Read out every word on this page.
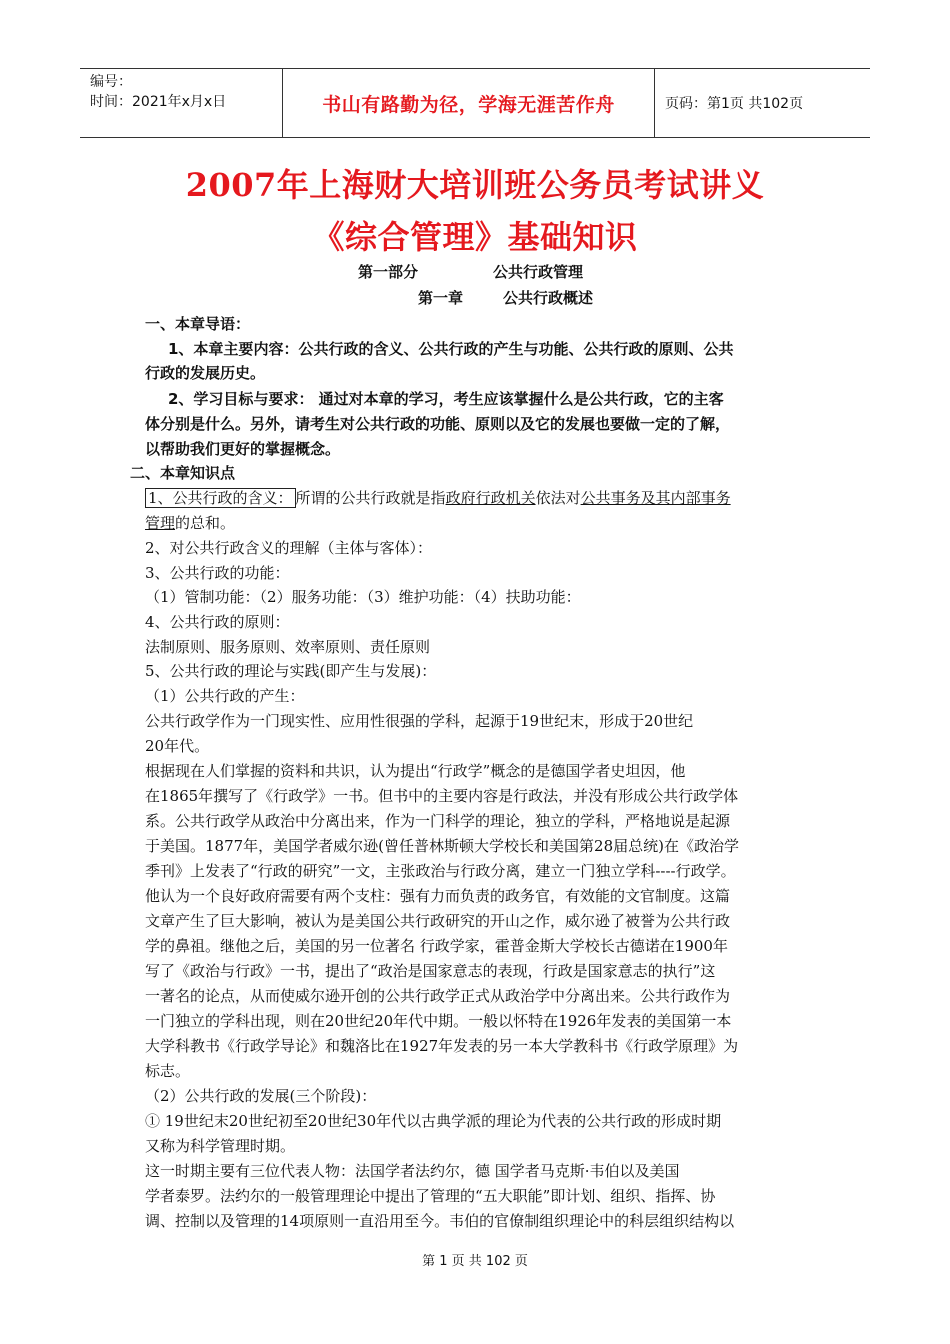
编号：
时间：2021年x月x日	书山有路勤为径，学海无涯苦作舟	页码：第1页 共102页
2007年上海财大培训班公务员考试讲义
《综合管理》基础知识
第一部分	公共行政管理
第一章	公共行政概述
一、本章导语：
1、本章主要内容：公共行政的含义、公共行政的产生与功能、公共行政的原则、公共
行政的发展历史。
2、学习目标与要求： 通过对本章的学习，考生应该掌握什么是公共行政，它的主客
体分别是什么。另外，请考生对公共行政的功能、原则以及它的发展也要做一定的了解，
以帮助我们更好的掌握概念。
二、本章知识点
1、公共行政的含义： 所谓的公共行政就是指政府行政机关依法对公共事务及其内部事务
管理的总和。
2、对公共行政含义的理解（主体与客体）：
3、公共行政的功能：
（1）管制功能：（2）服务功能：（3）维护功能：（4）扶助功能：
4、公共行政的原则：
法制原则、服务原则、效率原则、责任原则
5、公共行政的理论与实践(即产生与发展)：
（1）公共行政的产生：
公共行政学作为一门现实性、应用性很强的学科，起源于19世纪末，形成于20世纪
20年代。
根据现在人们掌握的资料和共识，认为提出“行政学”概念的是德国学者史坦因，他
在1865年撰写了《行政学》一书。但书中的主要内容是行政法，并没有形成公共行政学体
系。公共行政学从政治中分离出来，作为一门科学的理论，独立的学科，严格地说是起源
于美国。1877年，美国学者威尔逊(曾任普林斯顿大学校长和美国第28届总统)在《政治学
季刊》上发表了“行政的研究”一文，主张政治与行政分离，建立一门独立学科----行政学。
他认为一个良好政府需要有两个支柱：强有力而负责的政务官，有效能的文官制度。这篇
文章产生了巨大影响，被认为是美国公共行政研究的开山之作，威尔逊了被誉为公共行政
学的鼻祖。继他之后，美国的另一位著名 行政学家，霍普金斯大学校长古德诺在1900年
写了《政治与行政》一书，提出了“政治是国家意志的表现，行政是国家意志的执行”这
一著名的论点，从而使威尔逊开创的公共行政学正式从政治学中分离出来。公共行政作为
一门独立的学科出现，则在20世纪20年代中期。一般以怀特在1926年发表的美国第一本
大学科教书《行政学导论》和魏洛比在1927年发表的另一本大学教科书《行政学原理》为
标志。
（2）公共行政的发展(三个阶段)：
① 19世纪末20世纪初至20世纪30年代以古典学派的理论为代表的公共行政的形成时期
又称为科学管理时期。
这一时期主要有三位代表人物：法国学者法约尔，德 国学者马克斯·韦伯以及美国
学者泰罗。法约尔的一般管理理论中提出了管理的“五大职能”即计划、组织、指挥、协
调、控制以及管理的14项原则一直沿用至今。韦伯的官僚制组织理论中的科层组织结构以
第 1 页 共 102 页
